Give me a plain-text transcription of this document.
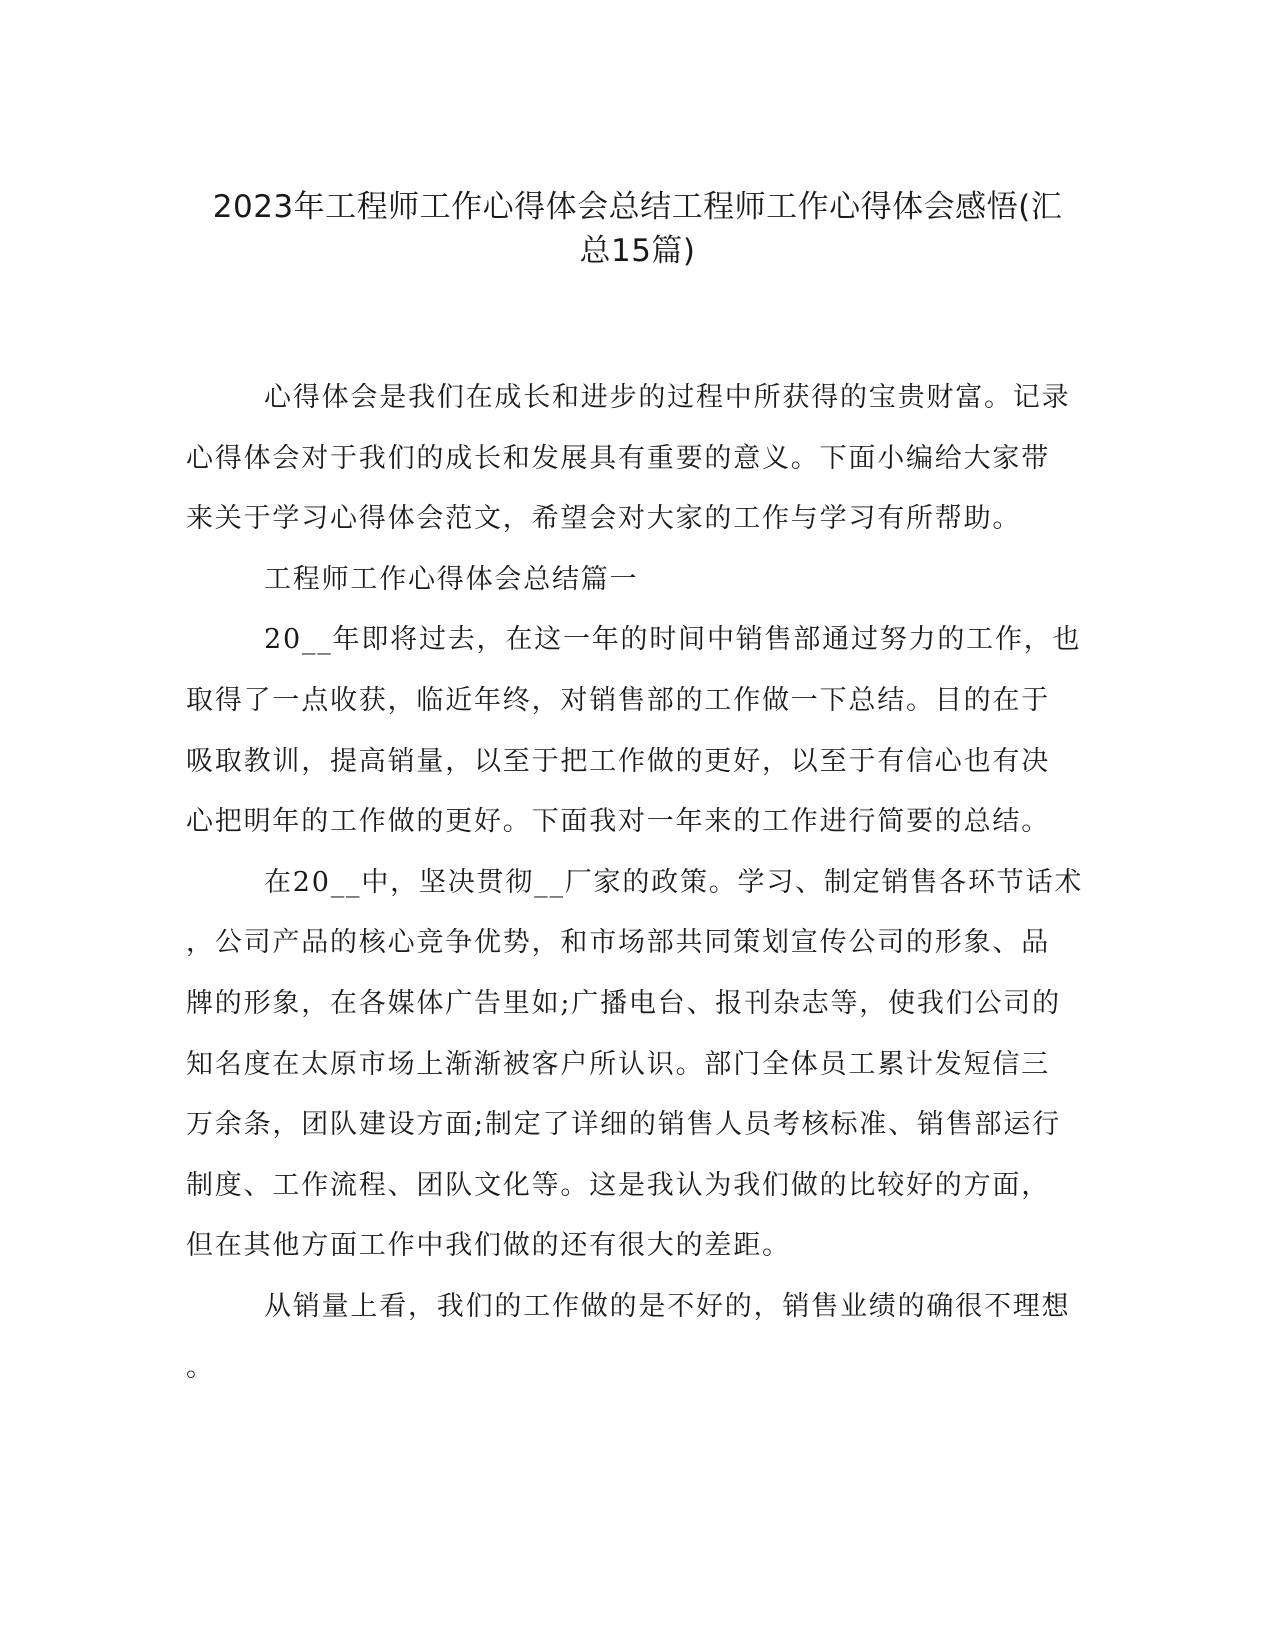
2023年工程师工作心得体会总结工程师工作心得体会感悟(汇
总15篇)
心得体会是我们在成长和进步的过程中所获得的宝贵财富。记录
心得体会对于我们的成长和发展具有重要的意义。下面小编给大家带
来关于学习心得体会范文，希望会对大家的工作与学习有所帮助。
工程师工作心得体会总结篇一
20__年即将过去，在这一年的时间中销售部通过努力的工作，也
取得了一点收获，临近年终，对销售部的工作做一下总结。目的在于
吸取教训，提高销量，以至于把工作做的更好，以至于有信心也有决
心把明年的工作做的更好。下面我对一年来的工作进行简要的总结。
在20__中，坚决贯彻__厂家的政策。学习、制定销售各环节话术
，公司产品的核心竞争优势，和市场部共同策划宣传公司的形象、品
牌的形象，在各媒体广告里如;广播电台、报刊杂志等，使我们公司的
知名度在太原市场上渐渐被客户所认识。部门全体员工累计发短信三
万余条，团队建设方面;制定了详细的销售人员考核标准、销售部运行
制度、工作流程、团队文化等。这是我认为我们做的比较好的方面，
但在其他方面工作中我们做的还有很大的差距。
从销量上看，我们的工作做的是不好的，销售业绩的确很不理想
。
